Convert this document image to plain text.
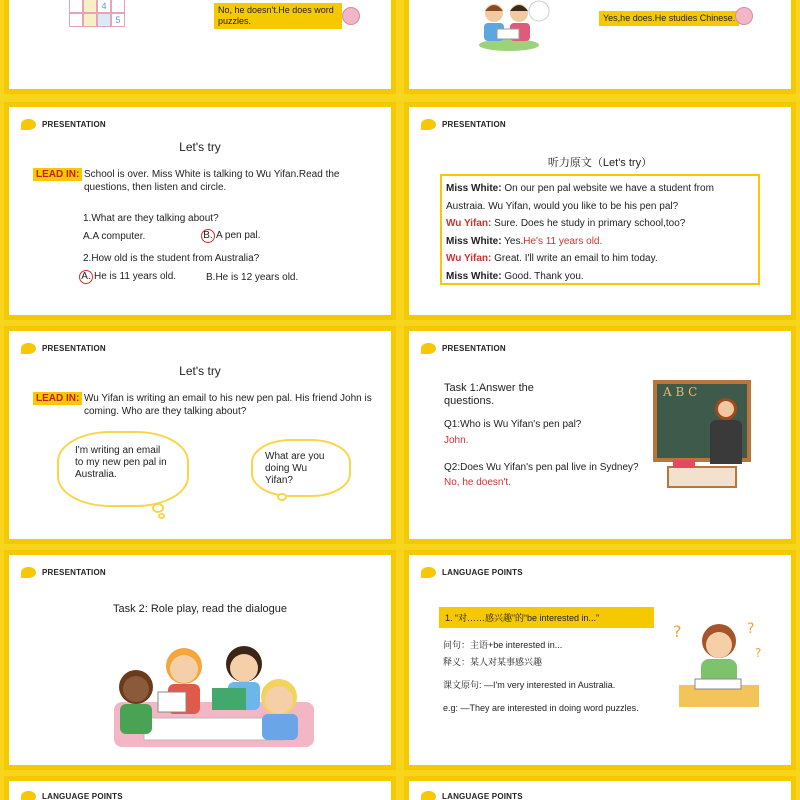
4
5
No, he doesn't.He does word puzzles.	Yes,he does.He studies Chinese.
PRESENTATION
Let's try
LEAD IN: School is over. Miss White is talking to Wu Yifan.Read the questions, then listen and circle.
1.What are they talking about?
A.A computer.	B. A pen pal.
2.How old is the student from Australia?
A. He is 11 years old.	B.He is 12 years old.
PRESENTATION
听力原文（Let's try）
Miss White: On our pen pal website we have a student from Austraia. Wu Yifan, would you like to be his pen pal?
Wu Yifan: Sure. Does he study in primary school,too?
Miss White: Yes.He's 11 years old.
Wu Yifan: Great. I'll write an email to him today.
Miss White: Good. Thank you.
PRESENTATION
Let's try
LEAD IN: Wu Yifan is writing an email to his new pen pal. His friend John is coming. Who are they talking about?
I'm writing an email to my new pen pal in Australia.
What are you doing Wu Yifan?
PRESENTATION
Task 1:Answer the questions.
Q1:Who is Wu Yifan's pen pal?
John.
Q2:Does Wu Yifan's pen pal live in Sydney?
No, he doesn't.
A B C
PRESENTATION
Task 2: Role play, read the dialogue
LANGUAGE POINTS
1. “对……感兴趣”的“be interested in...”
问句：主语+be interested in...
释义：某人对某事感兴趣
课文原句: —I'm very interested in Australia.
e.g: —They are interested in doing word puzzles.
?	?
?
LANGUAGE POINTS	LANGUAGE POINTS
